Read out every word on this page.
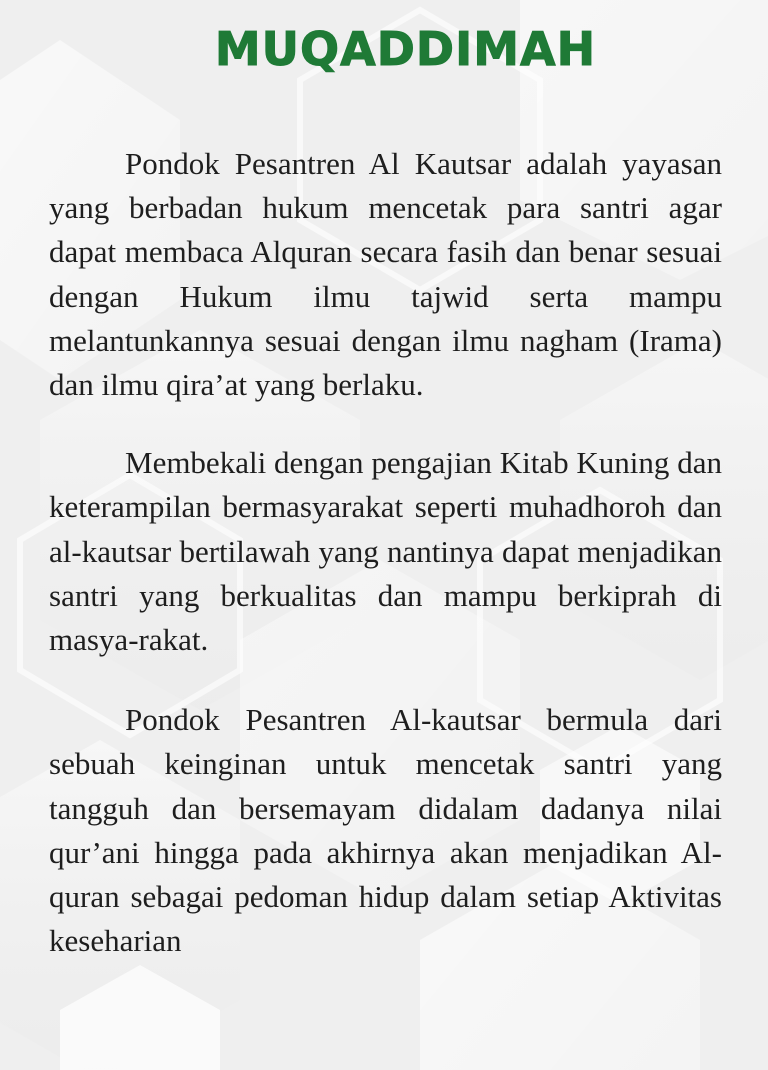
MUQADDIMAH

Pondok Pesantren Al Kautsar adalah yayasan yang berbadan hukum mencetak para santri agar dapat membaca Alquran secara fasih dan benar sesuai dengan Hukum ilmu tajwid serta mampu melantunkannya sesuai dengan ilmu nagham (Irama) dan ilmu qira’at yang berlaku.

Membekali dengan pengajian Kitab Kuning dan keterampilan bermasyarakat seperti muhadhoroh dan al-kautsar bertilawah yang nantinya dapat menjadikan santri yang berkualitas dan mampu berkiprah di masya-rakat.

Pondok Pesantren Al-kautsar bermula dari sebuah keinginan untuk mencetak santri yang tangguh dan bersemayam didalam dadanya nilai qur’ani hingga pada akhirnya akan menjadikan Al-quran sebagai pedoman hidup dalam setiap Aktivitas keseharian
